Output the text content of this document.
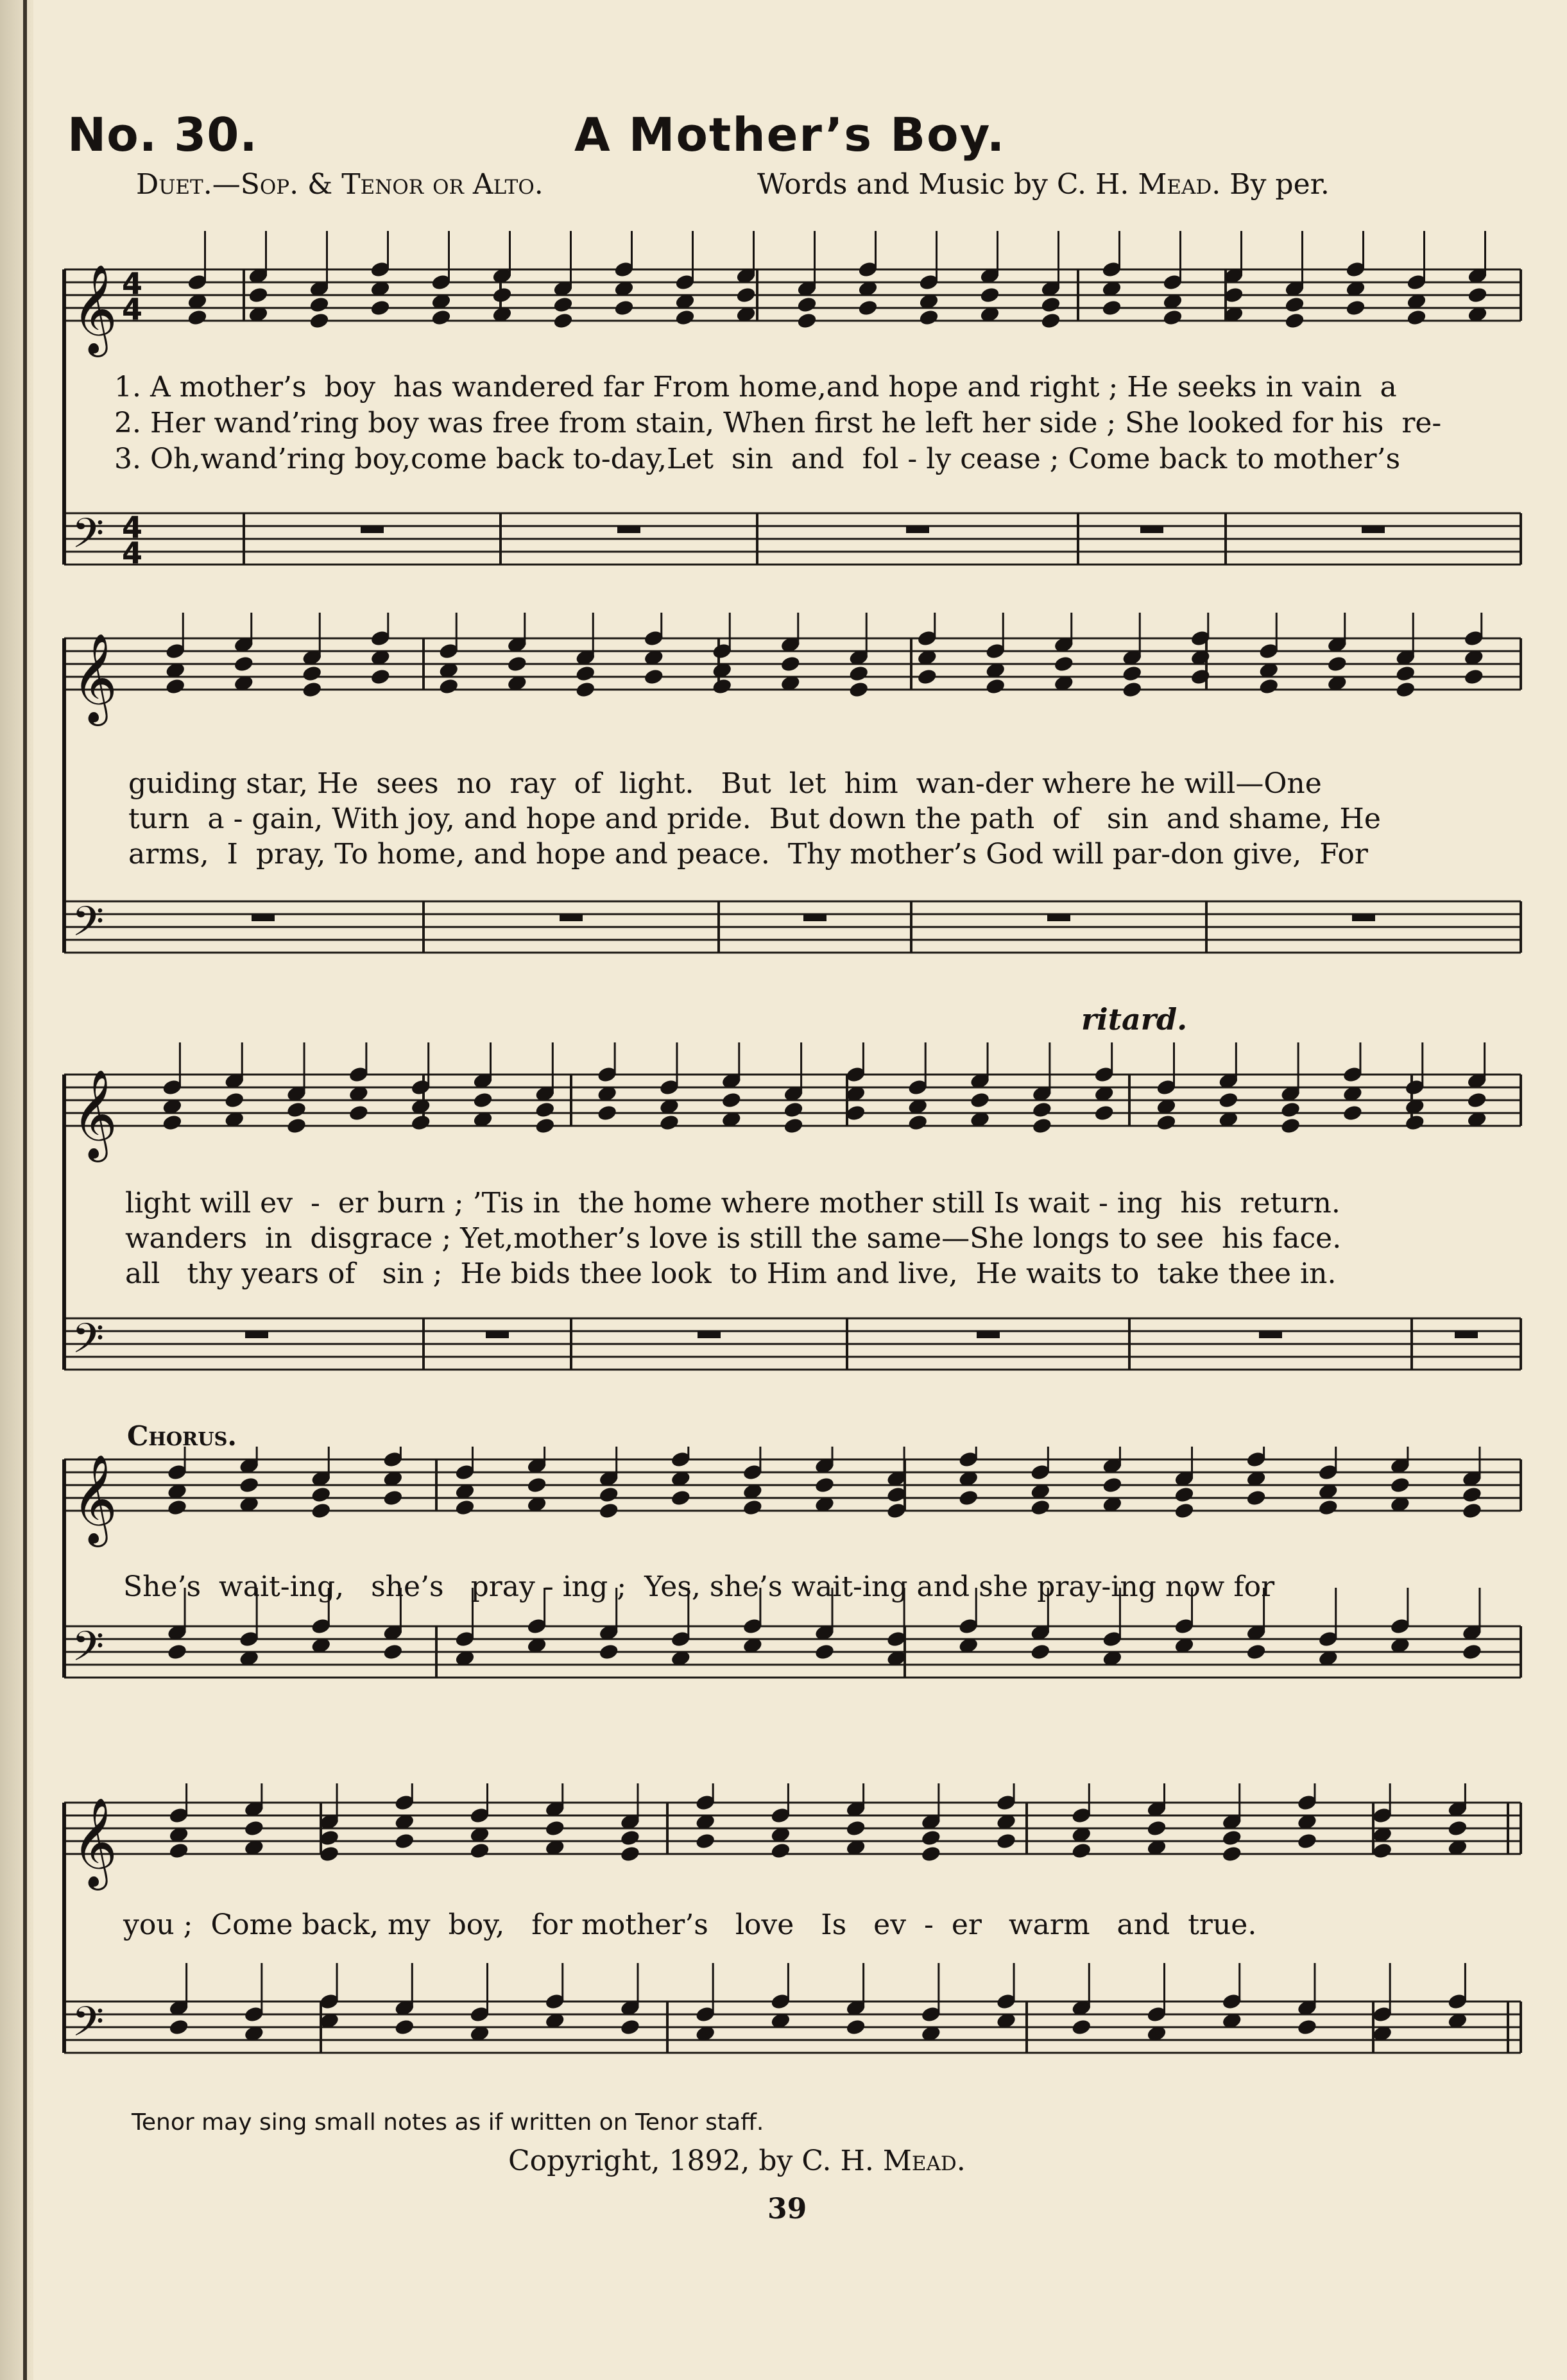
No. 30.	A Mother’s Boy.
Duet.—Sop. & Tenor or Alto.	Words and Music by C. H. Mead. By per.
𝄞 4
4
𝄢 4
4
1. A mother’s  boy  has wandered far From home,and hope and right ; He seeks in vain  a
2. Her wand’ring boy was free from stain, When first he left her side ; She looked for his  re-
3. Oh,wand’ring boy,come back to-day,Let  sin  and  fol - ly cease ; Come back to mother’s
𝄞
𝄢
guiding star, He  sees  no  ray  of  light.   But  let  him  wan-der where he will—One
turn  a - gain, With joy, and hope and pride.  But down the path  of   sin  and shame, He
arms,  I  pray, To home, and hope and peace.  Thy mother’s God will par-don give,  For
ritard.
𝄞
𝄢
light will ev  -  er burn ; ’Tis in  the home where mother still Is wait - ing  his  return.
wanders  in  disgrace ; Yet,mother’s love is still the same—She longs to see  his face.
all   thy years of   sin ;  He bids thee look  to Him and live,  He waits to  take thee in.
Chorus.
𝄞
𝄢
She’s  wait-ing,   she’s   pray - ing ;  Yes, she’s wait-ing and she pray-ing now for
𝄞
𝄢
you ;  Come back, my  boy,   for mother’s   love   Is   ev  -  er   warm   and  true.
Tenor may sing small notes as if written on Tenor staff.
Copyright, 1892, by C. H. Mead.
39
